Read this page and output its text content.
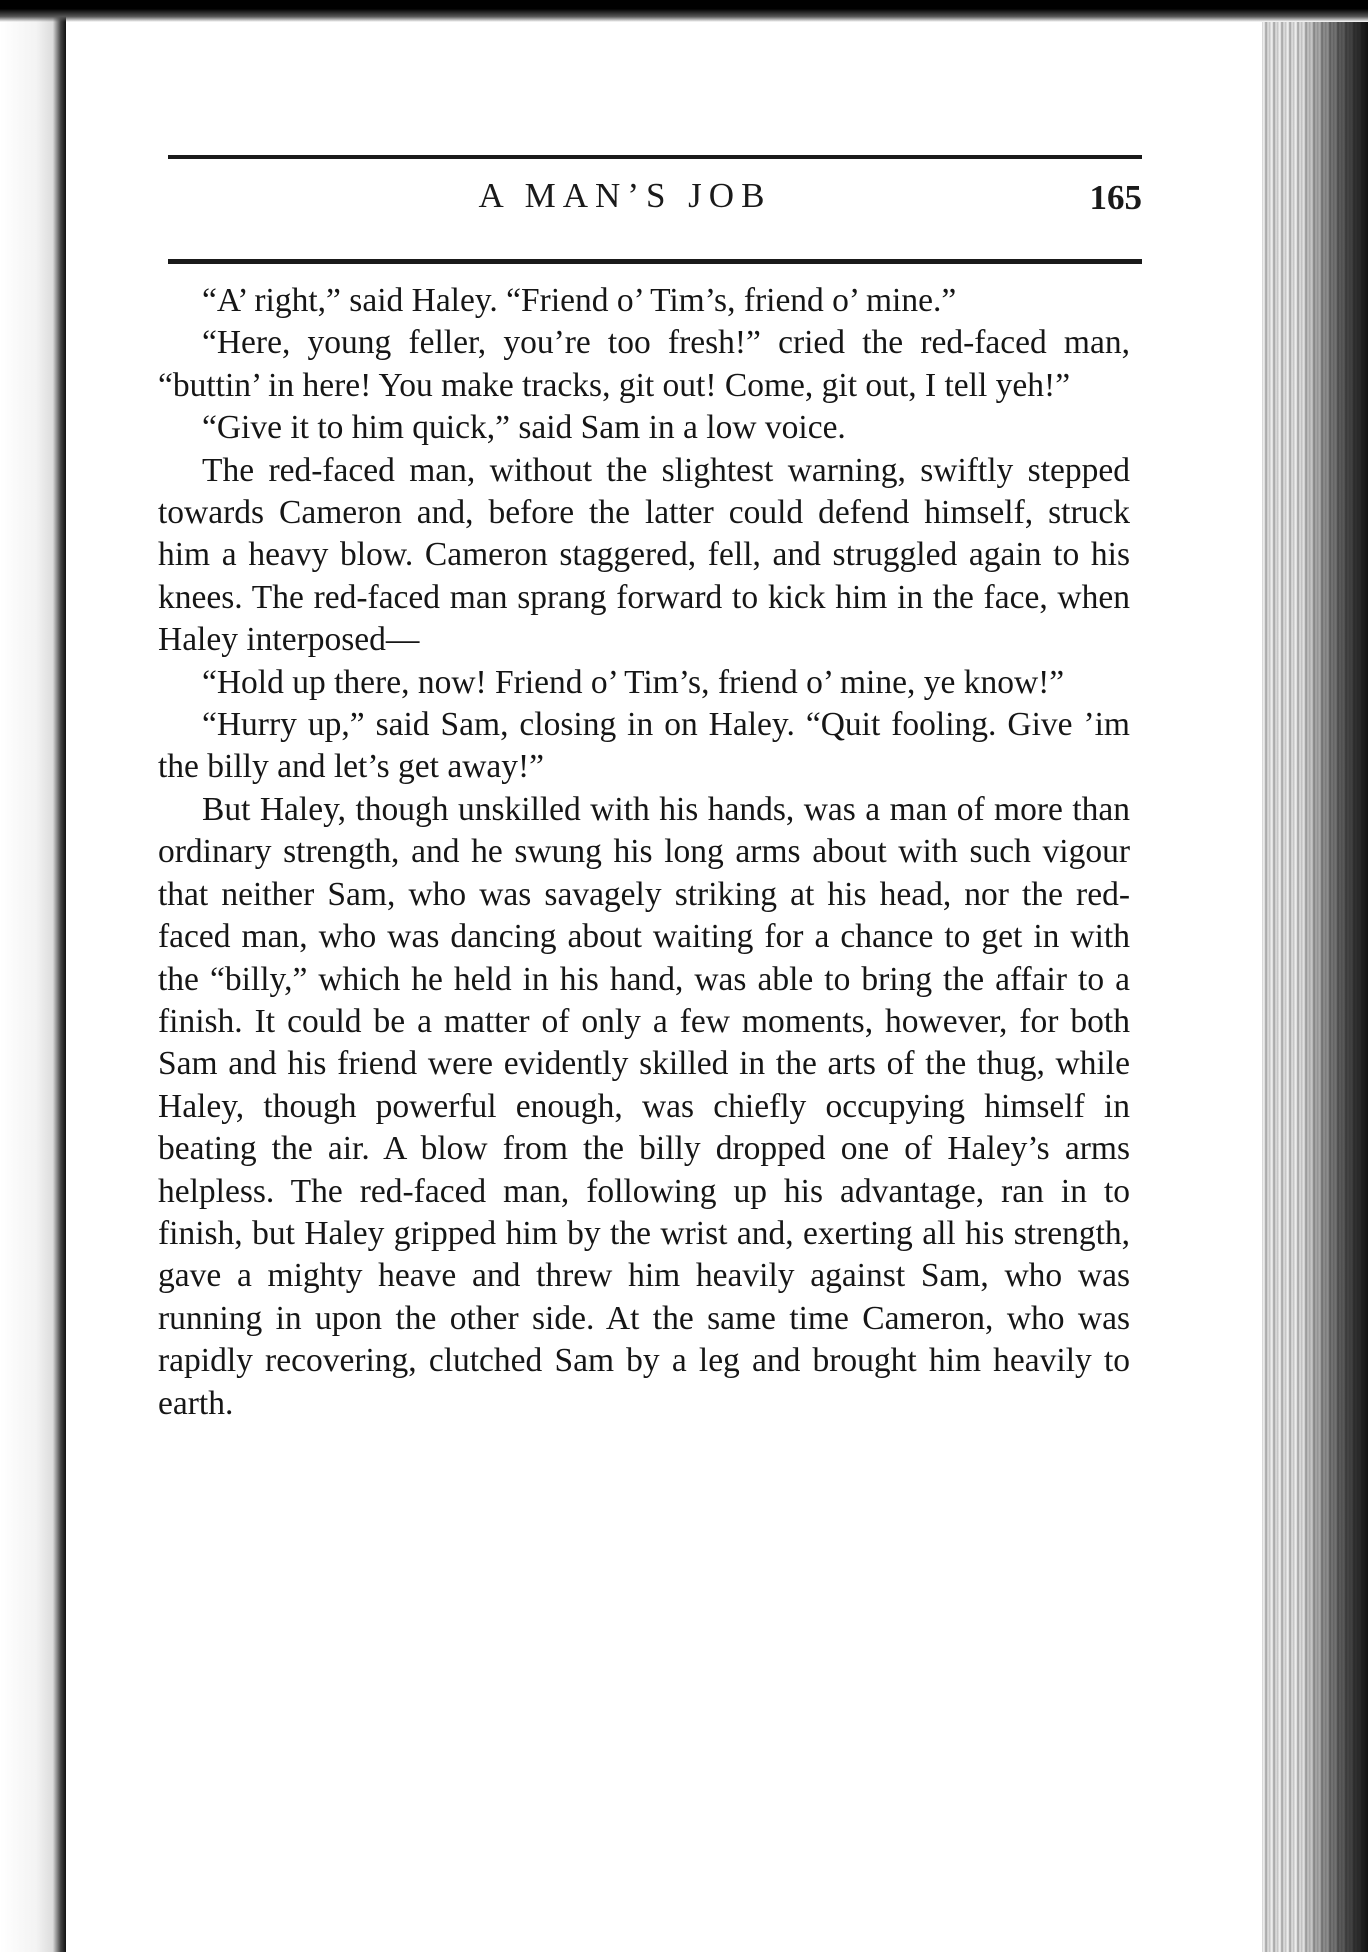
A MAN’S JOB	165

“A’ right,” said Haley. “Friend o’ Tim’s, friend o’ mine.”

“Here, young feller, you’re too fresh!” cried the red-faced man, “buttin’ in here! You make tracks, git out! Come, git out, I tell yeh!”

“Give it to him quick,” said Sam in a low voice.

The red-faced man, without the slightest warning, swiftly stepped towards Cameron and, before the latter could defend himself, struck him a heavy blow. Cameron staggered, fell, and struggled again to his knees. The red-faced man sprang forward to kick him in the face, when Haley interposed—

“Hold up there, now! Friend o’ Tim’s, friend o’ mine, ye know!”

“Hurry up,” said Sam, closing in on Haley. “Quit fooling. Give ’im the billy and let’s get away!”

But Haley, though unskilled with his hands, was a man of more than ordinary strength, and he swung his long arms about with such vigour that neither Sam, who was savagely striking at his head, nor the red-faced man, who was dancing about waiting for a chance to get in with the “billy,” which he held in his hand, was able to bring the affair to a finish. It could be a matter of only a few moments, however, for both Sam and his friend were evidently skilled in the arts of the thug, while Haley, though powerful enough, was chiefly occupying himself in beating the air. A blow from the billy dropped one of Haley’s arms helpless. The red-faced man, following up his advantage, ran in to finish, but Haley gripped him by the wrist and, exerting all his strength, gave a mighty heave and threw him heavily against Sam, who was running in upon the other side. At the same time Cameron, who was rapidly recovering, clutched Sam by a leg and brought him heavily to earth.
